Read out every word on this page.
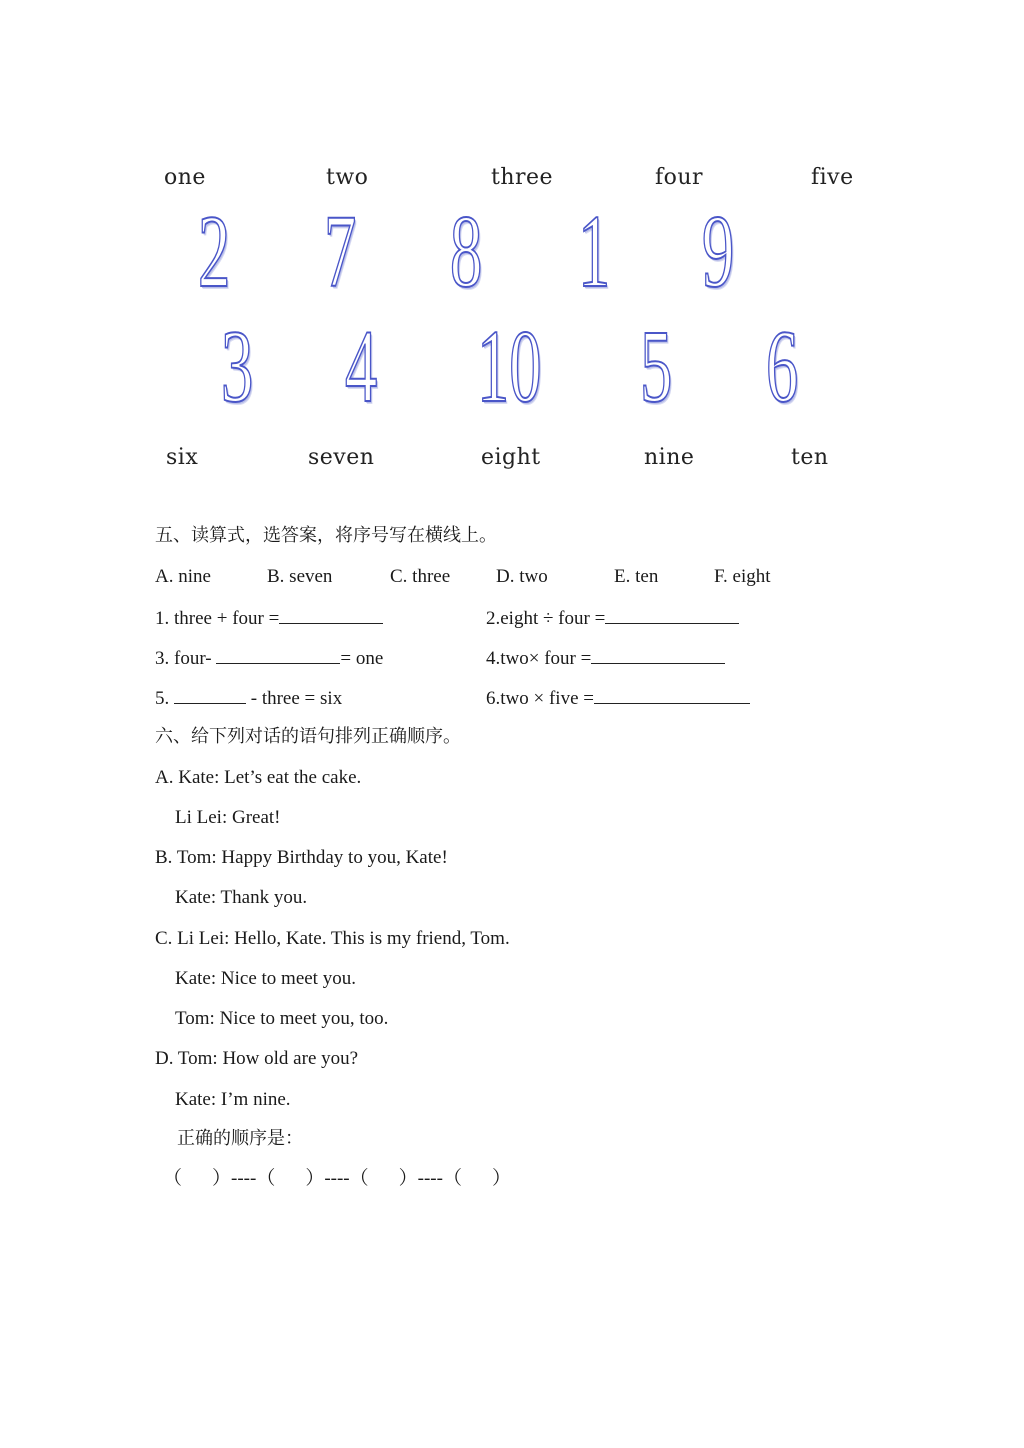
one	two	three	four	five
2 7 8 1 9
3 4 10 5 6
six	seven	eight	nine	ten
五、读算式，选答案，将序号写在横线上。
A. nine	B. seven	C. three D. two	E. ten	F. eight
1. three + four =	2.eight ÷ four =
3. four-	= one	4.two× four =
5.	- three = six	6.two × five =
六、给下列对话的语句排列正确顺序。
A. Kate: Let’s eat the cake.
Li Lei: Great!
B. Tom: Happy Birthday to you, Kate!
Kate: Thank you.
C. Li Lei: Hello, Kate. This is my friend, Tom.
Kate: Nice to meet you.
Tom: Nice to meet you, too.
D. Tom: How old are you?
Kate: I’m nine.
正确的顺序是：
（ ）----（ ）----（ ）----（ ）
